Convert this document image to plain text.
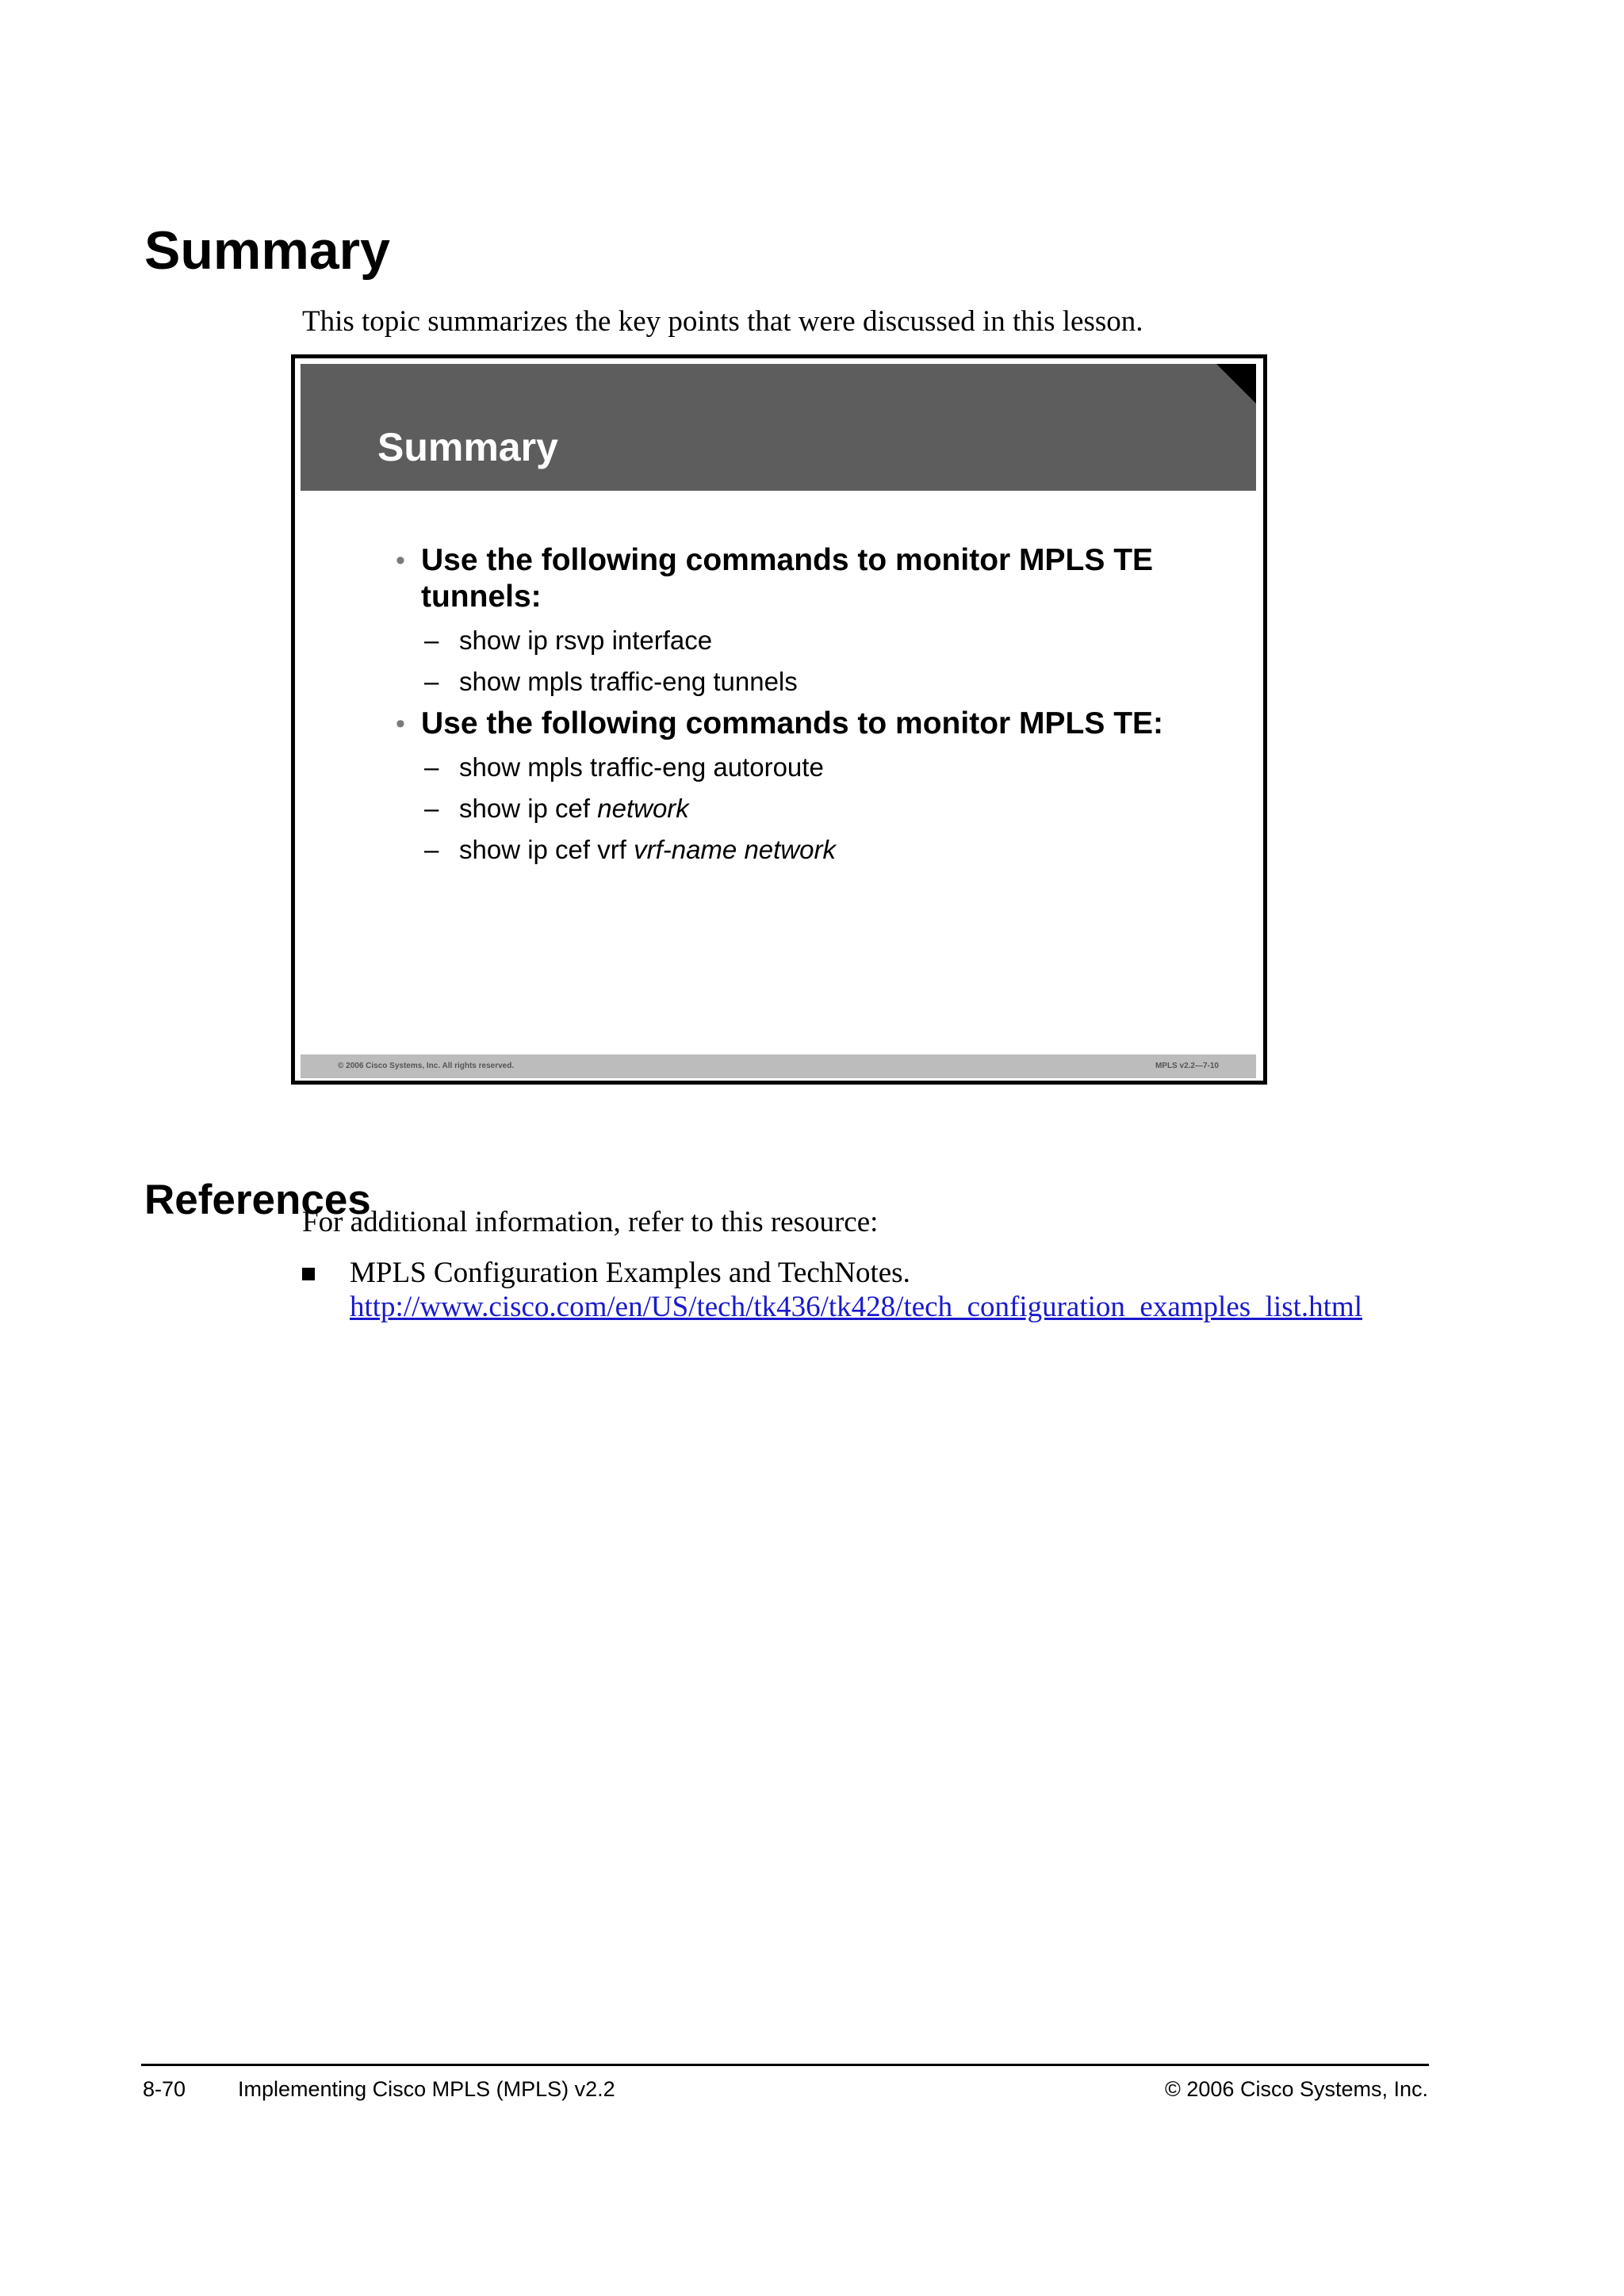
Summary
This topic summarizes the key points that were discussed in this lesson.
Summary
• Use the following commands to monitor MPLS TE tunnels:
– show ip rsvp interface
– show mpls traffic-eng tunnels
• Use the following commands to monitor MPLS TE:
– show mpls traffic-eng autoroute
– show ip cef network
– show ip cef vrf vrf-name network
© 2006 Cisco Systems, Inc. All rights reserved.	MPLS v2.2—7-10
References
For additional information, refer to this resource:
MPLS Configuration Examples and TechNotes.
http://www.cisco.com/en/US/tech/tk436/tk428/tech_configuration_examples_list.html
8-70 Implementing Cisco MPLS (MPLS) v2.2	© 2006 Cisco Systems, Inc.
